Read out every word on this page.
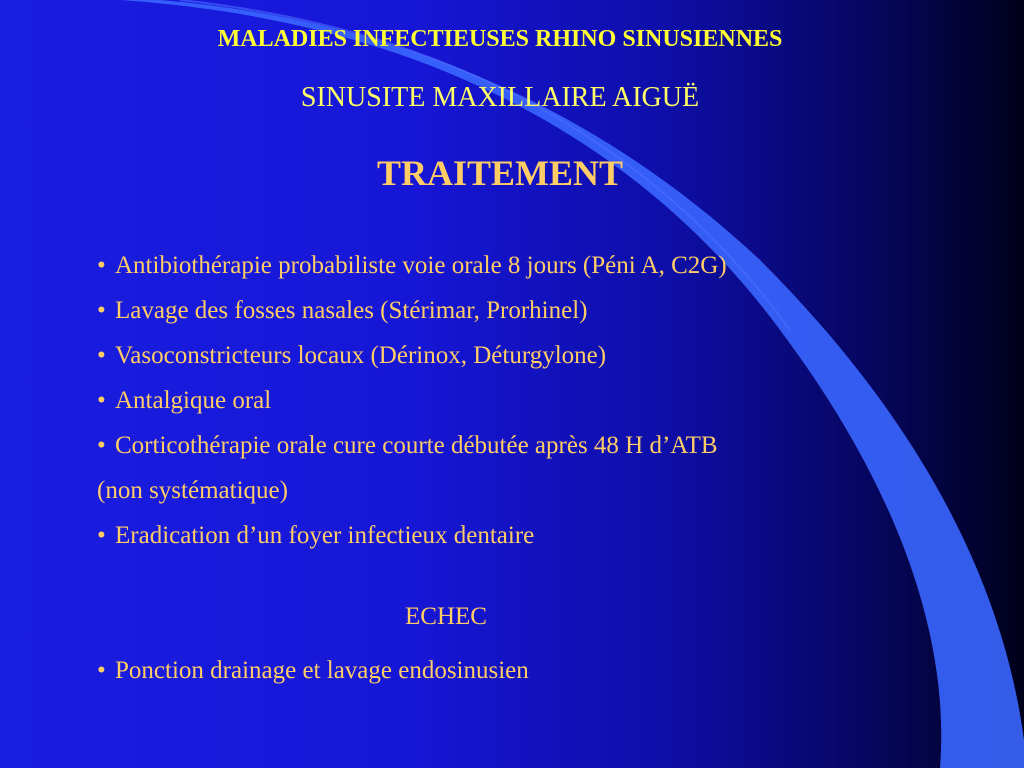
MALADIES INFECTIEUSES RHINO SINUSIENNES

SINUSITE MAXILLAIRE AIGUË

TRAITEMENT

• Antibiothérapie probabiliste voie orale 8 jours (Péni A, C2G)
• Lavage des fosses nasales (Stérimar, Prorhinel)
• Vasoconstricteurs locaux (Dérinox, Déturgylone)
• Antalgique oral
• Corticothérapie orale cure courte débutée après 48 H d’ATB
(non systématique)
• Eradication d’un foyer infectieux dentaire

ECHEC

• Ponction drainage et lavage endosinusien
